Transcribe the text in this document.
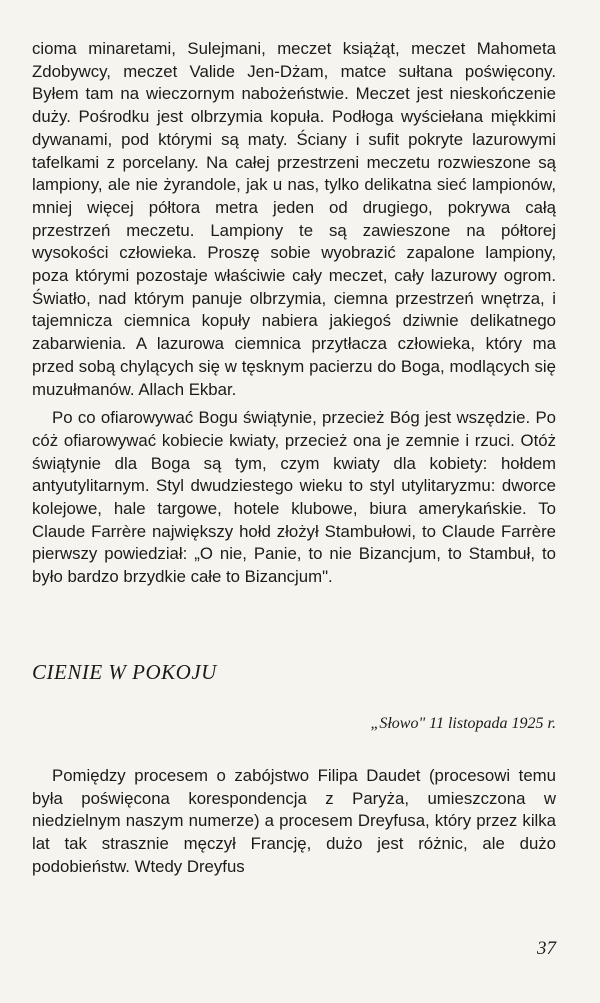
cioma minaretami, Sulejmani, meczet książąt, meczet Mahometa Zdobywcy, meczet Valide Jen-Dżam, matce sułtana poświęcony. Byłem tam na wieczornym nabożeństwie. Meczet jest nieskończenie duży. Pośrodku jest olbrzymia kopuła. Podłoga wyściełana miękkimi dywanami, pod którymi są maty. Ściany i sufit pokryte lazurowymi tafelkami z porcelany. Na całej przestrzeni meczetu rozwieszone są lampiony, ale nie żyrandole, jak u nas, tylko delikatna sieć lampionów, mniej więcej półtora metra jeden od drugiego, pokrywa całą przestrzeń meczetu. Lampiony te są zawieszone na półtorej wysokości człowieka. Proszę sobie wyobrazić zapalone lampiony, poza którymi pozostaje właściwie cały meczet, cały lazurowy ogrom. Światło, nad którym panuje olbrzymia, ciemna przestrzeń wnętrza, i tajemnicza ciemnica kopuły nabiera jakiegoś dziwnie delikatnego zabarwienia. A lazurowa ciemnica przytłacza człowieka, który ma przed sobą chylących się w tęsknym pacierzu do Boga, modlących się muzułmanów. Allach Ekbar.

Po co ofiarowywać Bogu świątynie, przecież Bóg jest wszędzie. Po cóż ofiarowywać kobiecie kwiaty, przecież ona je zemnie i rzuci. Otóż świątynie dla Boga są tym, czym kwiaty dla kobiety: hołdem antyutylitarnym. Styl dwudziestego wieku to styl utylitaryzmu: dworce kolejowe, hale targowe, hotele klubowe, biura amerykańskie. To Claude Farrère największy hołd złożył Stambułowi, to Claude Farrère pierwszy powiedział: „O nie, Panie, to nie Bizancjum, to Stambuł, to było bardzo brzydkie całe to Bizancjum".

CIENIE W POKOJU
„Słowo" 11 listopada 1925 r.

Pomiędzy procesem o zabójstwo Filipa Daudet (procesowi temu była poświęcona korespondencja z Paryża, umieszczona w niedzielnym naszym numerze) a procesem Dreyfusa, który przez kilka lat tak strasznie męczył Francję, dużo jest różnic, ale dużo podobieństw. Wtedy Dreyfus

37
